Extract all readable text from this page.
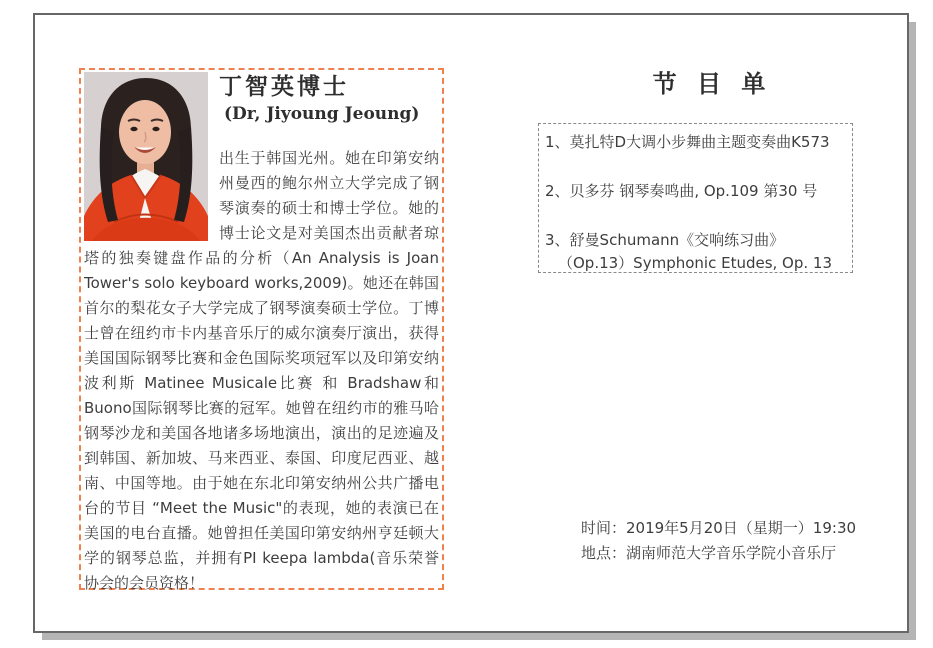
丁智英博士
(Dr, Jiyoung Jeoung)

出生于韩国光州。她在印第安纳州曼西的鲍尔州立大学完成了钢琴演奏的硕士和博士学位。她的博士论文是对美国杰出贡献者琼塔的独奏键盘作品的分析（An Analysis is Joan Tower's solo keyboard works,2009)。她还在韩国首尔的梨花女子大学完成了钢琴演奏硕士学位。丁博士曾在纽约市卡内基音乐厅的威尔演奏厅演出，获得美国国际钢琴比赛和金色国际奖项冠军以及印第安纳波利斯 Matinee Musicale比赛 和 Bradshaw和Buono国际钢琴比赛的冠军。她曾在纽约市的雅马哈钢琴沙龙和美国各地诸多场地演出，演出的足迹遍及到韩国、新加坡、马来西亚、泰国、印度尼西亚、越南、中国等地。由于她在东北印第安纳州公共广播电台的节目 “Meet the Music"的表现，她的表演已在美国的电台直播。她曾担任美国印第安纳州亨廷顿大学的钢琴总监，并拥有PI keepa lambda(音乐荣誉协会的会员资格！

节 目 单
1、莫扎特D大调小步舞曲主题变奏曲K573
2、贝多芬 钢琴奏鸣曲, Op.109 第30 号
3、舒曼Schumann《交响练习曲》
（Op.13）Symphonic Etudes, Op. 13
时间：2019年5月20日（星期一）19:30
地点：湖南师范大学音乐学院小音乐厅
